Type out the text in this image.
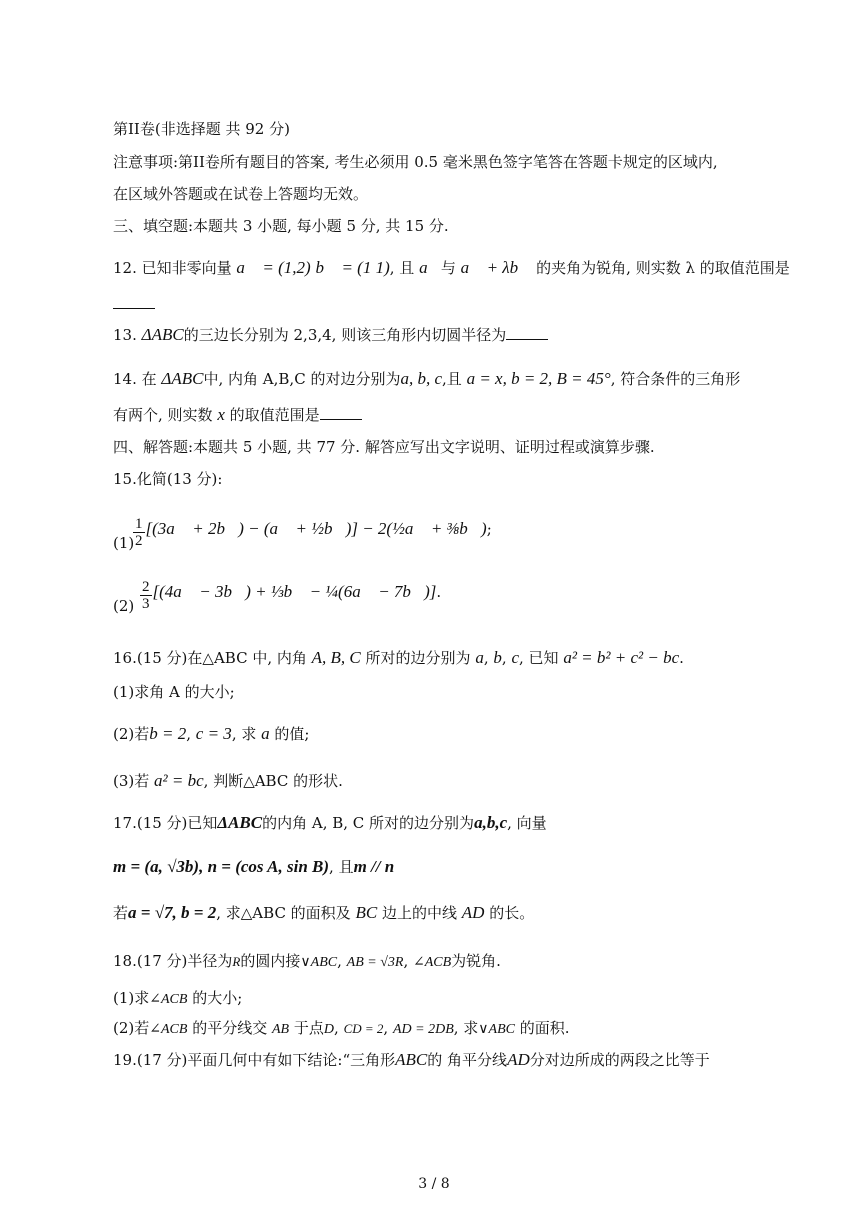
第II卷(非选择题 共 92 分)
注意事项:第II卷所有题目的答案, 考生必须用 0.5 毫米黑色签字笔答在答题卡规定的区域内,
在区域外答题或在试卷上答题均无效。
三、填空题:本题共 3 小题, 每小题 5 分, 共 15 分.
12. 已知非零向量 a⃗ = (1,2) b⃗ = (1 1), 且 a⃗与 a⃗ + λb⃗ 的夹角为锐角, 则实数 λ 的取值范围是
13. ΔABC的三边长分别为 2,3,4, 则该三角形内切圆半径为
14. 在 ΔABC中, 内角 A,B,C 的对边分别为a, b, c,且 a = x, b = 2, B = 45°, 符合条件的三角形
有两个, 则实数 x 的取值范围是
四、解答题:本题共 5 小题, 共 77 分. 解答应写出文字说明、证明过程或演算步骤.
15.化简(13 分):
(1)
$\frac{1}{2}$ [(3a⃗ + 2b⃗) − (a⃗ + ½b⃗)] − 2(½a⃗ + ⅜b⃗);
$(2) \frac{2}{3}$ [(4a⃗ − 3b⃗) + ⅓b⃗ − ¼(6a⃗ − 7b⃗)].
16.(15 分)在△ABC 中, 内角 A, B, C 所对的边分别为 a, b, c, 已知 a² = b² + c² − bc.
(1)求角 A 的大小;
(2)若b = 2, c = 3, 求 a 的值;
(3)若 a² = bc, 判断△ABC 的形状.
17.(15 分)已知ΔABC的内角 A, B, C 所对的边分别为a,b,c, 向量
m = (a, √3b), n = (cos A, sin B), 且m // n
若a = √7, b = 2, 求△ABC 的面积及 BC 边上的中线 AD 的长。
18.(17 分)半径为R的圆内接∨ABC, AB = √3R, ∠ACB为锐角.
(1)求∠ACB 的大小;
(2)若∠ACB 的平分线交 AB 于点D, CD = 2, AD = 2DB, 求∨ABC 的面积.
19.(17 分)平面几何中有如下结论:“三角形ABC的 角平分线AD分对边所成的两段之比等于
3 / 8
